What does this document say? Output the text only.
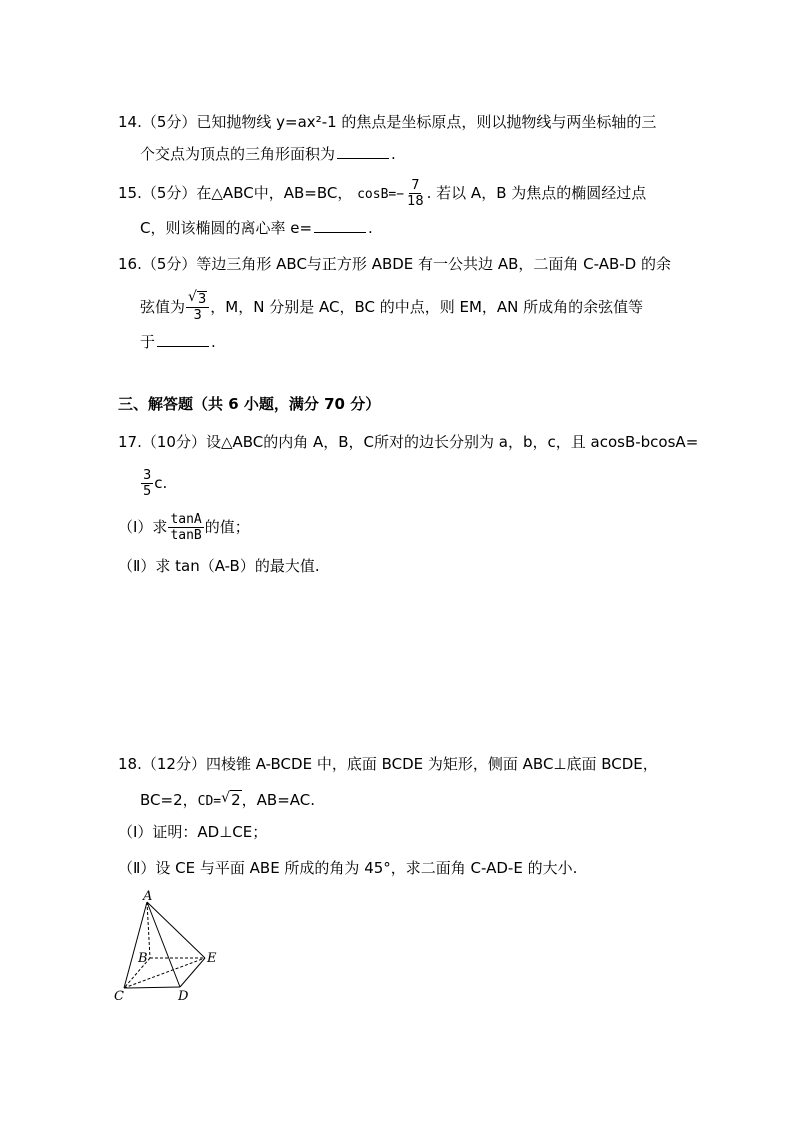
14.（5分）已知抛物线 y=ax²-1 的焦点是坐标原点，则以抛物线与两坐标轴的三
个交点为顶点的三角形面积为	.
15.（5分）在△ABC中，AB=BC， $\cos B=- \frac{7}{18}$ . 若以 A，B 为焦点的椭圆经过点
C，则该椭圆的离心率 e=	.
16.（5分）等边三角形 ABC与正方形 ABDE 有一公共边 AB，二面角 C-AB-D 的余
弦值为 √ $\frac{3}{3}$ ，M，N 分别是 AC，BC 的中点，则 EM，AN 所成角的余弦值等
于	.
三、解答题（共 6 小题，满分 70 分）
17.（10分）设△ABC的内角 A，B，C所对的边长分别为 a，b，c，且 acosB-bcosA=
$\frac{3}{5} c$.
（Ⅰ）求 $\frac{\tan A}{\tan B}$ 的值；
（Ⅱ）求 tan（A-B）的最大值.
18.（12分）四棱锥 A-BCDE 中，底面 BCDE 为矩形，侧面 ABC⊥底面 BCDE，
BC=2，CD= √ 2，AB=AC.
（Ⅰ）证明：AD⊥CE；
（Ⅱ）设 CE 与平面 ABE 所成的角为 45°，求二面角 C-AD-E 的大小.
A
B
C	D
E
